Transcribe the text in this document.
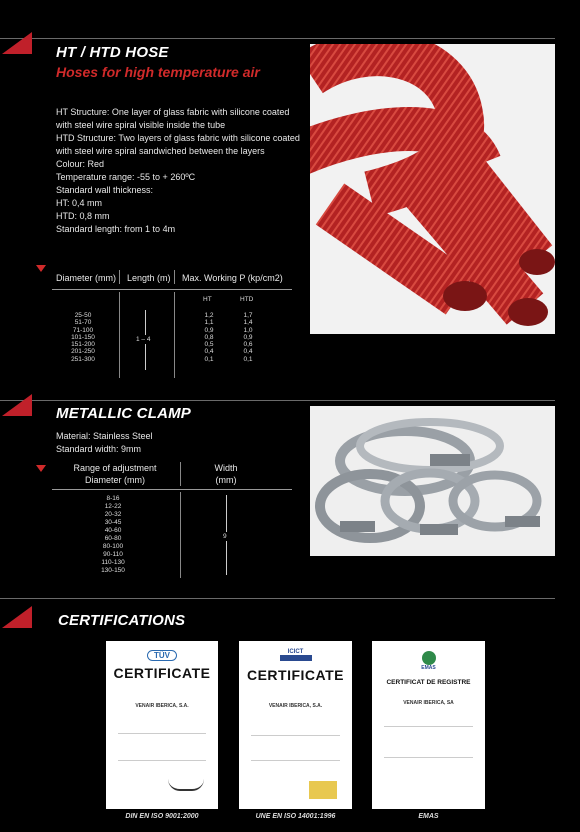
HT / HTD HOSE
Hoses for high temperature air
HT Structure: One layer of glass fabric with silicone coated
with steel wire spiral visible inside the tube
HTD Structure: Two layers of glass fabric with silicone coated
with steel wire spiral sandwiched between the layers
Colour: Red
Temperature range: -55 to + 260ºC
Standard wall thickness:
HT: 0,4 mm
HTD: 0,8 mm
Standard length: from 1 to 4m
Diameter (mm) Length (m) Max. Working P (kp/cm2)
HT	HTD
25-50
51-70
71-100
101-150
151-200
201-250
251-300
1 – 4
1,2
1,1
0,9
0,8
0,5
0,4
0,1
1,7
1,4
1,0
0,9
0,6
0,4
0,1
METALLIC CLAMP
Material: Stainless Steel
Standard width: 9mm
Range of adjustment
Diameter (mm)
Width
(mm)
8-16
12-22
20-32
30-45
40-60
60-80
80-100
90-110
110-130
130-150
9
CERTIFICATIONS
TÜV
CERTIFICATE
VENAIR IBERICA, S.A.
DIN EN ISO 9001:2000
ICICT
CERTIFICATE
VENAIR IBERICA, S.A.
UNE EN ISO 14001:1996
EMAS
CERTIFICAT DE REGISTRE
VENAIR IBERICA, SA
EMAS
